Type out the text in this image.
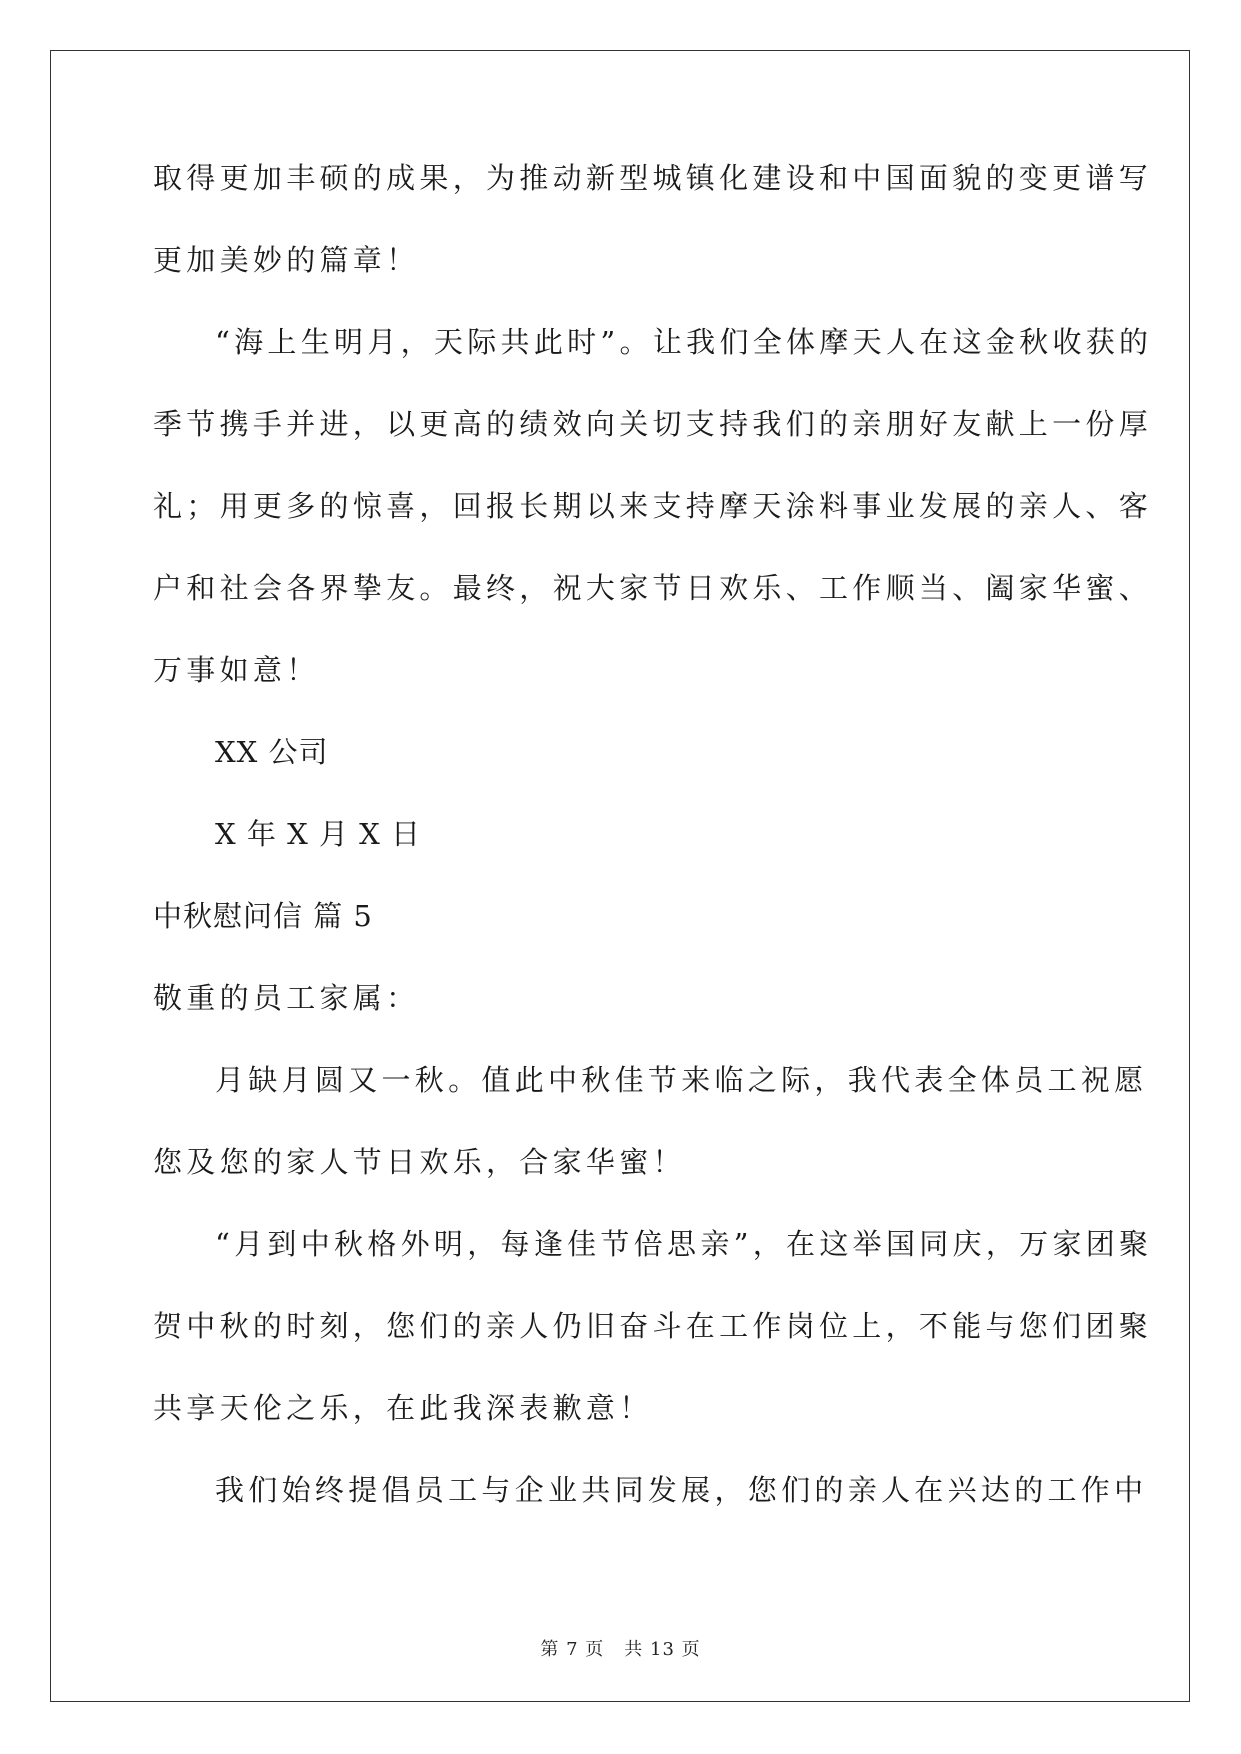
取得更加丰硕的成果，为推动新型城镇化建设和中国面貌的变更谱写
更加美妙的篇章！
“海上生明月，天际共此时”。让我们全体摩天人在这金秋收获的
季节携手并进，以更高的绩效向关切支持我们的亲朋好友献上一份厚
礼；用更多的惊喜，回报长期以来支持摩天涂料事业发展的亲人、客
户和社会各界挚友。最终，祝大家节日欢乐、工作顺当、阖家华蜜、
万事如意！
XX 公司
X 年 X 月 X 日
中秋慰问信 篇 5
敬重的员工家属：
月缺月圆又一秋。值此中秋佳节来临之际，我代表全体员工祝愿
您及您的家人节日欢乐，合家华蜜！
“月到中秋格外明，每逢佳节倍思亲”，在这举国同庆，万家团聚
贺中秋的时刻，您们的亲人仍旧奋斗在工作岗位上，不能与您们团聚
共享天伦之乐，在此我深表歉意！
我们始终提倡员工与企业共同发展，您们的亲人在兴达的工作中
第 7 页 共 13 页
